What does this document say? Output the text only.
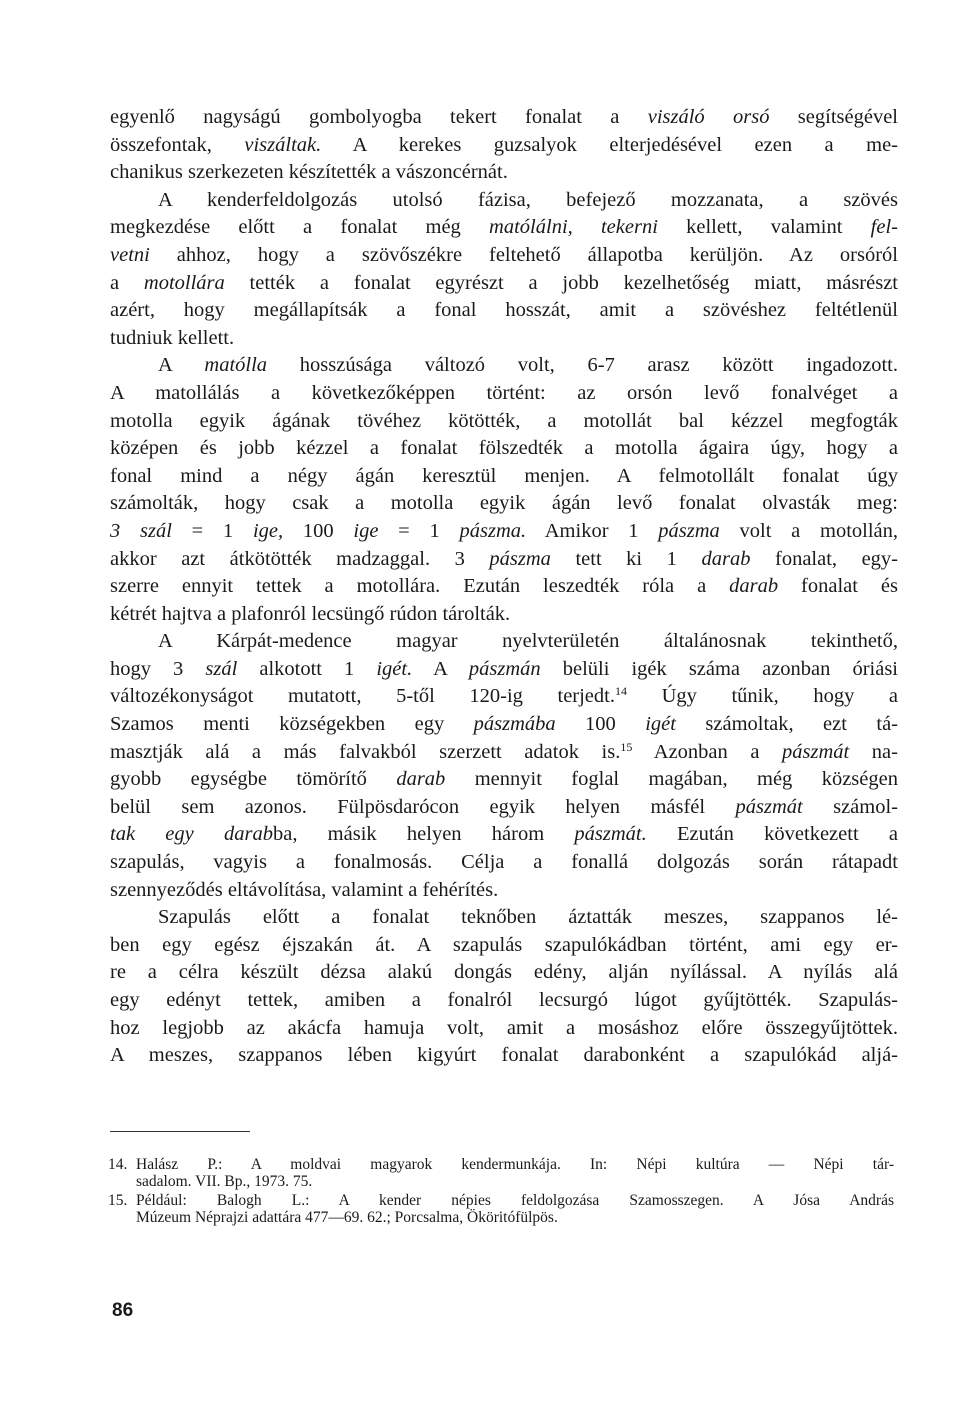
egyenlő nagyságú gombolyogba tekert fonalat a viszáló orsó segítségével
összefontak, viszáltak. A kerekes guzsalyok elterjedésével ezen a me-
chanikus szerkezeten készítették a vászoncérnát.
A kenderfeldolgozás utolsó fázisa, befejező mozzanata, a szövés
megkezdése előtt a fonalat még matólálni, tekerni kellett, valamint fel-
vetni ahhoz, hogy a szövőszékre feltehető állapotba kerüljön. Az orsóról
a motollára tették a fonalat egyrészt a jobb kezelhetőség miatt, másrészt
azért, hogy megállapítsák a fonal hosszát, amit a szövéshez feltétlenül
tudniuk kellett.
A matólla hosszúsága változó volt, 6-7 arasz között ingadozott.
A matollálás a következőképpen történt: az orsón levő fonalvéget a
motolla egyik ágának tövéhez kötötték, a motollát bal kézzel megfogták
középen és jobb kézzel a fonalat fölszedték a motolla ágaira úgy, hogy a
fonal mind a négy ágán keresztül menjen. A felmotollált fonalat úgy
számolták, hogy csak a motolla egyik ágán levő fonalat olvasták meg:
3 szál = 1 ige, 100 ige = 1 pászma. Amikor 1 pászma volt a motollán,
akkor azt átkötötték madzaggal. 3 pászma tett ki 1 darab fonalat, egy-
szerre ennyit tettek a motollára. Ezután leszedték róla a darab fonalat és
kétrét hajtva a plafonról lecsüngő rúdon tárolták.
A Kárpát-medence magyar nyelvterületén általánosnak tekinthető,
hogy 3 szál alkotott 1 igét. A pászmán belüli igék száma azonban óriási
változékonyságot mutatott, 5-től 120-ig terjedt.$^{14}$ Úgy tűnik, hogy a
Szamos menti községekben egy pászmába 100 igét számoltak, ezt tá-
masztják alá a más falvakból szerzett adatok is.$^{15}$ Azonban a pászmát na-
gyobb egységbe tömörítő darab mennyit foglal magában, még községen
belül sem azonos. Fülpösdarócon egyik helyen másfél pászmát számol-
tak egy darabba, másik helyen három pászmát. Ezután következett a
szapulás, vagyis a fonalmosás. Célja a fonallá dolgozás során rátapadt
szennyeződés eltávolítása, valamint a fehérítés.
Szapulás előtt a fonalat teknőben áztatták meszes, szappanos lé-
ben egy egész éjszakán át. A szapulás szapulókádban történt, ami egy er-
re a célra készült dézsa alakú dongás edény, alján nyílással. A nyílás alá
egy edényt tettek, amiben a fonalról lecsurgó lúgot gyűjtötték. Szapulás-
hoz legjobb az akácfa hamuja volt, amit a mosáshoz előre összegyűjtöttek.
A meszes, szappanos lében kigyúrt fonalat darabonként a szapulókád aljá-
14. Halász P.: A moldvai magyarok kendermunkája. In: Népi kultúra — Népi tár-
sadalom. VII. Bp., 1973. 75.
15. Például: Balogh L.: A kender népies feldolgozása Szamosszegen. A Jósa András
Múzeum Néprajzi adattára 477—69. 62.; Porcsalma, Ököritófülpös.
86
